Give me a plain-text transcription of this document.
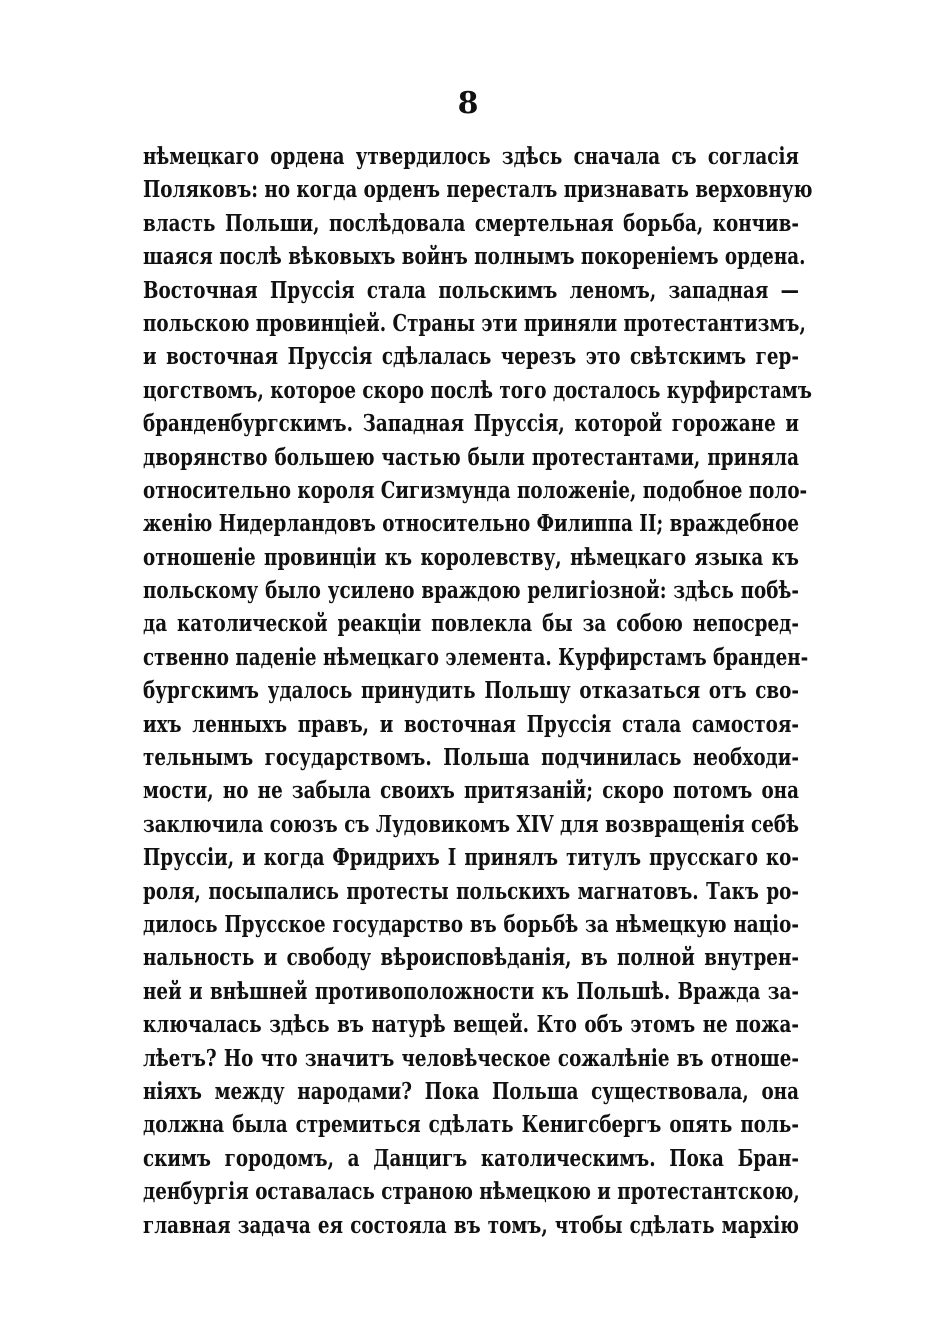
8
нѣмецкаго ордена утвердилось здѣсь сначала съ согласія
Поляковъ: но когда орденъ пересталъ признавать верховную
власть Польши, послѣдовала смертельная борьба, кончив-
шаяся послѣ вѣковыхъ войнъ полнымъ покореніемъ ордена.
Восточная Пруссія стала польскимъ леномъ, западная —
польскою провинціей. Страны эти приняли протестантизмъ,
и восточная Пруссія сдѣлалась черезъ это свѣтскимъ гер-
цогствомъ, которое скоро послѣ того досталось курфирстамъ
бранденбургскимъ. Западная Пруссія, которой горожане и
дворянство большею частью были протестантами, приняла
относительно короля Сигизмунда положеніе, подобное поло-
женію Нидерландовъ относительно Филиппа II; враждебное
отношеніе провинціи къ королевству, нѣмецкаго языка къ
польскому было усилено враждою религіозной: здѣсь побѣ-
да католической реакціи повлекла бы за собою непосред-
ственно паденіе нѣмецкаго элемента. Курфирстамъ бранден-
бургскимъ удалось принудить Польшу отказаться отъ сво-
ихъ ленныхъ правъ, и восточная Пруссія стала самостоя-
тельнымъ государствомъ. Польша подчинилась необходи-
мости, но не забыла своихъ притязаній; скоро потомъ она
заключила союзъ съ Лудовикомъ XIV для возвращенія себѣ
Пруссіи, и когда Фридрихъ I принялъ титулъ прусскаго ко-
роля, посыпались протесты польскихъ магнатовъ. Такъ ро-
дилось Прусское государство въ борьбѣ за нѣмецкую націо-
нальность и свободу вѣроисповѣданія, въ полной внутрен-
ней и внѣшней противоположности къ Польшѣ. Вражда за-
ключалась здѣсь въ натурѣ вещей. Кто объ этомъ не пожа-
лѣетъ? Но что значитъ человѣческое сожалѣніе въ отноше-
ніяхъ между народами? Пока Польша существовала, она
должна была стремиться сдѣлать Кенигсбергъ опять поль-
скимъ городомъ, а Данцигъ католическимъ. Пока Бран-
денбургія оставалась страною нѣмецкою и протестантскою,
главная задача ея состояла въ томъ, чтобы сдѣлать мархію
